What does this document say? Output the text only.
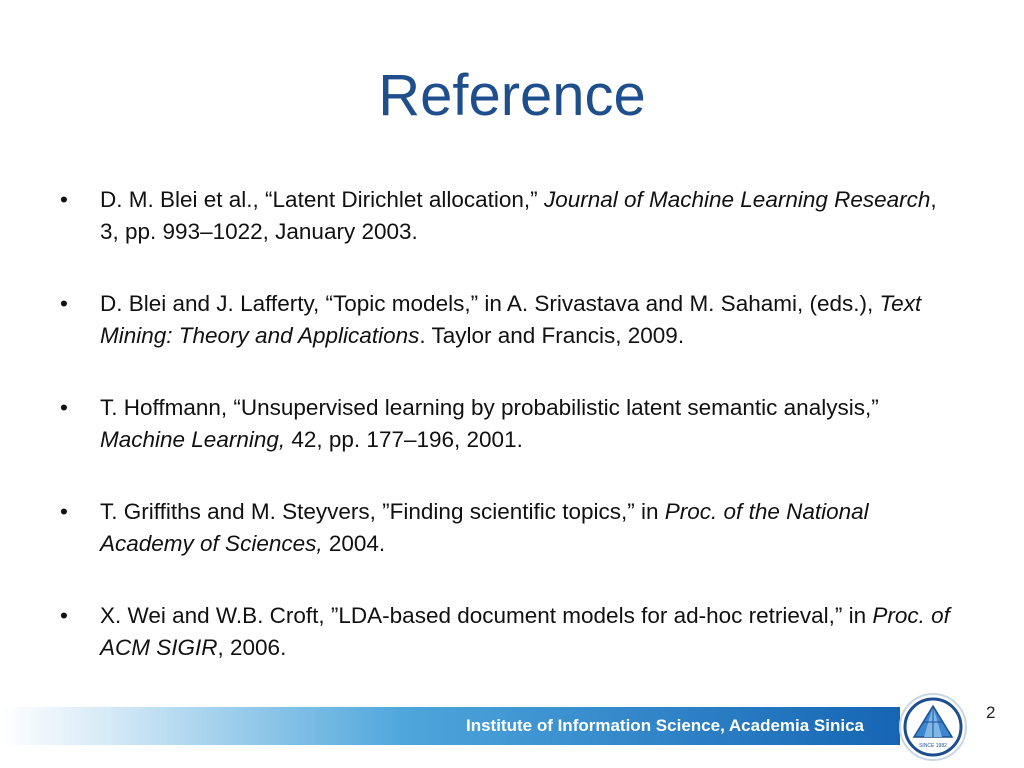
Reference
•	D. M. Blei et al., “Latent Dirichlet allocation,” Journal of Machine Learning Research, 3, pp. 993–1022, January 2003.
•	D. Blei and J. Lafferty, “Topic models,” in A. Srivastava and M. Sahami, (eds.), Text Mining: Theory and Applications. Taylor and Francis, 2009.
•	T. Hoffmann, “Unsupervised learning by probabilistic latent semantic analysis,” Machine Learning, 42, pp. 177–196, 2001.
•	T. Griffiths and M. Steyvers, ”Finding scientific topics,” in Proc. of the National Academy of Sciences, 2004.
•	X. Wei and W.B. Croft, ”LDA-based document models for ad-hoc retrieval,” in Proc. of ACM SIGIR, 2006.
Institute of Information Science, Academia Sinica
SINCE 1982
2
